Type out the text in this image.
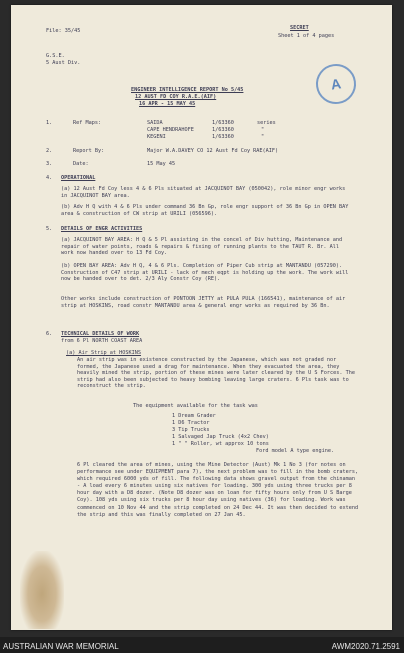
File: 35/45	SECRET
Sheet 1 of 4 pages
G.S.E.
5 Aust Div.
A
ENGINEER INTELLIGENCE REPORT No 5/45
12 AUST FD COY R.A.E.(AIF)
16 APR - 15 MAY 45
1.	Ref Maps:	SAIDA	1/63360	series
CAPE HENDRAHOFE	1/63360	"
KEGENI	1/63360	"
2.	Report By:	Major W.A.DAVEY CO 12 Aust Fd Coy RAE(AIF)
3.	Date:	15 May 45
4. OPERATIONAL
(a) 12 Aust Fd Coy less 4 & 6 Pls situated at JACQUINOT BAY (050042), role minor engr works in JACQUINOT BAY area.
(b) Adv H Q with 4 & 6 Pls under command 36 Bn Gp, role engr support of 36 Bn Gp in OPEN BAY area & construction of CW strip at URILI (056596).
5. DETAILS OF ENGR ACTIVITIES
(a) JACQUINOT BAY AREA: H Q & 5 Pl assisting in the concel of Div hutting, Maintenance and repair of water points, roads & repairs & fixing of running plants to the TAUT R. Br. All work now handed over to 13 Fd Coy.
(b) OPEN BAY AREA: Adv H Q, 4 & 6 Pls. Completion of Piper Cub strip at MANTANDU (057290). Construction of C47 strip at URILI - lack of mech eqpt is holding up the work. The work will now be handed over to det. 2/3 Aly Constr Coy (RE).
Other works include construction of PONTOON JETTY at PULA PULA (166541), maintenance of air strip at HOSKINS, road constr MANTANDU area & general engr works as required by 36 Bn.
6. TECHNICAL DETAILS OF WORK
from 6 Pl NORTH COAST AREA
(a) Air Strip at HOSKINS
An air strip was in existence constructed by the Japanese, which was not graded nor formed, the Japanese used a drag for maintenance. When they evacuated the area, they heavily mined the strip, portion of these mines were later cleared by the U S Forces. The strip had also been subjected to heavy bombing leaving large craters. 6 Pls task was to reconstruct the strip.
The equipment available for the task was
1 Dream Grader
1 D6 Tractor
3 Tip Trucks
1 Salvaged Jap Truck (4x2 Chev)
1 " " Roller, wt approx 10 tons
Ford model A type engine.
6 Pl cleared the area of mines, using the Mine Detector (Aust) Mk 1 No 3 (for notes on performance see under EQUIPMENT para 7), the next problem was to fill in the bomb craters, which required 6000 yds of fill. The following data shows gravel output from the chinaman - A load every 6 minutes using six natives for loading. 300 yds using three trucks per 8 hour day with a D8 dozer. (Note D8 dozer was on loan for fifty hours only from U S Barge Coy). 108 yds using six trucks per 8 hour day using natives (36) for loading. Work was commenced on 10 Nov 44 and the strip completed on 24 Dec 44. It was then decided to extend the strip and this was finally completed on 27 Jan 45.
AUSTRALIAN WAR MEMORIAL	AWM2020.71.2591
